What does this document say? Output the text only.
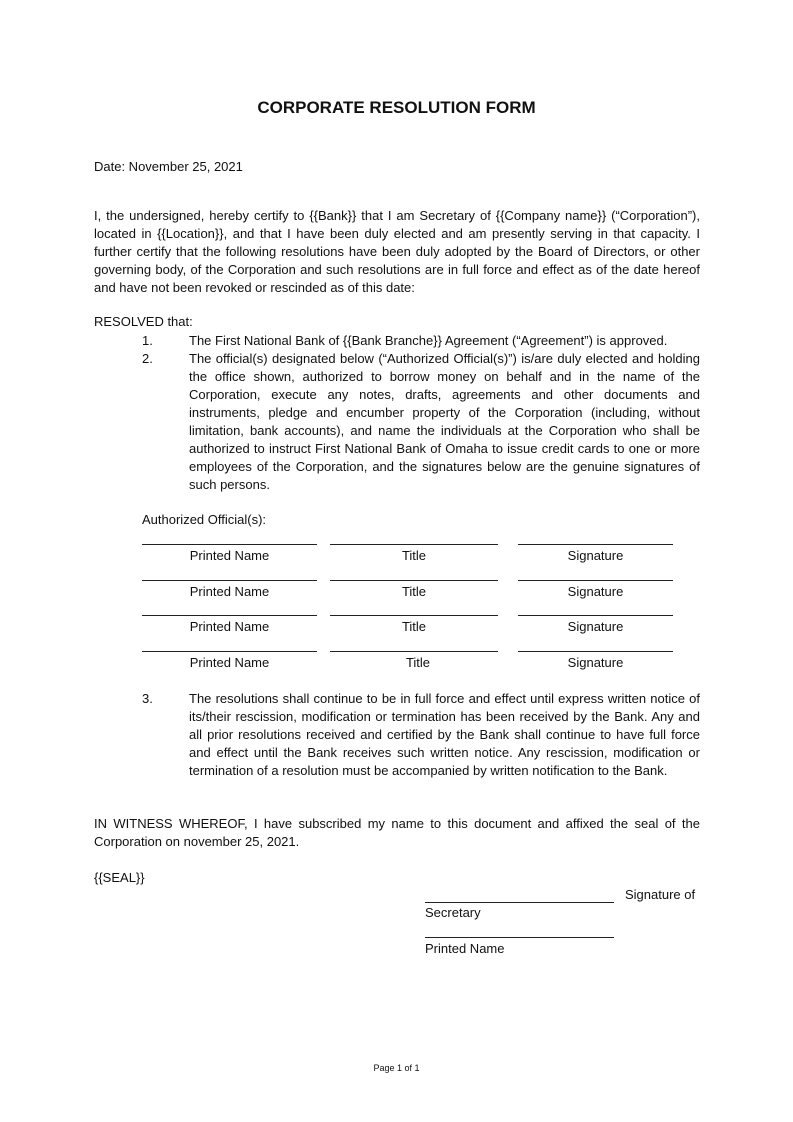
CORPORATE RESOLUTION FORM
Date: November 25, 2021
I, the undersigned, hereby certify to {{Bank}} that I am Secretary of {{Company name}} (“Corporation”), located in {{Location}}, and that I have been duly elected and am presently serving in that capacity. I further certify that the following resolutions have been duly adopted by the Board of Directors, or other governing body, of the Corporation and such resolutions are in full force and effect as of the date hereof and have not been revoked or rescinded as of this date:
RESOLVED that:
1.	The First National Bank of {{Bank Branche}} Agreement (“Agreement”) is approved.
2.	The official(s) designated below (“Authorized Official(s)”) is/are duly elected and holding the office shown, authorized to borrow money on behalf and in the name of the Corporation, execute any notes, drafts, agreements and other documents and instruments, pledge and encumber property of the Corporation (including, without limitation, bank accounts), and name the individuals at the Corporation who shall be authorized to instruct First National Bank of Omaha to issue credit cards to one or more employees of the Corporation, and the signatures below are the genuine signatures of such persons.
Authorized Official(s):
Printed Name	Title	Signature
Printed Name	Title	Signature
Printed Name	Title	Signature
Printed Name	Title	Signature
3.	The resolutions shall continue to be in full force and effect until express written notice of its/their rescission, modification or termination has been received by the Bank. Any and all prior resolutions received and certified by the Bank shall continue to have full force and effect until the Bank receives such written notice. Any rescission, modification or termination of a resolution must be accompanied by written notification to the Bank.
IN WITNESS WHEREOF, I have subscribed my name to this document and affixed the seal of the Corporation on november 25, 2021.
{{SEAL}}
Signature of
Secretary
Printed Name
Page 1 of 1
